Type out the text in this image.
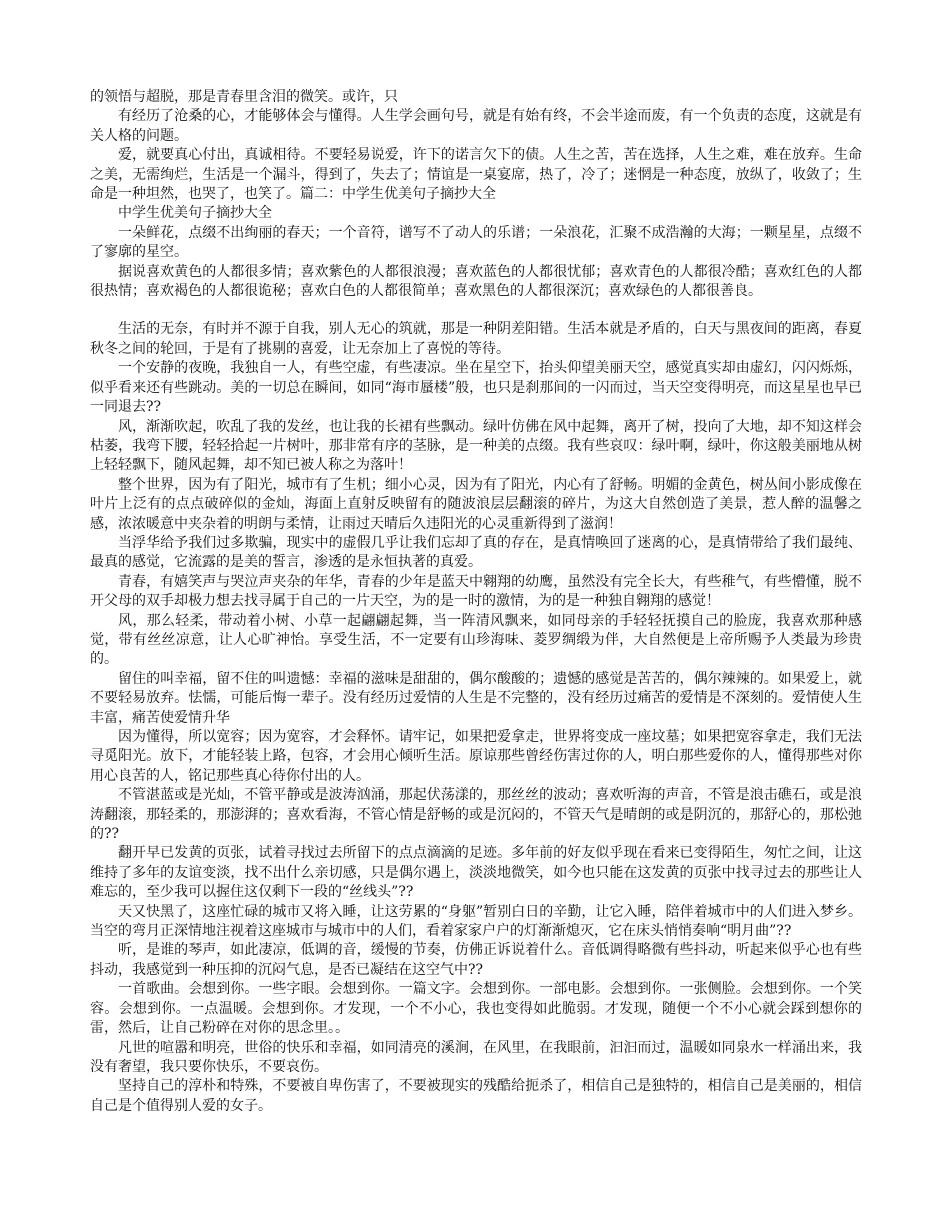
的领悟与超脱，那是青春里含泪的微笑。或许，只

有经历了沧桑的心，才能够体会与懂得。人生学会画句号，就是有始有终，不会半途而废，有一个负责的态度，这就是有关人格的问题。

爱，就要真心付出，真诚相待。不要轻易说爱，许下的诺言欠下的债。人生之苦，苦在选择，人生之难，难在放弃。生命之美，无需绚烂，生活是一个漏斗，得到了，失去了；情谊是一桌宴席，热了，冷了；迷惘是一种态度，放纵了，收敛了；生命是一种坦然，也哭了，也笑了。篇二：中学生优美句子摘抄大全

中学生优美句子摘抄大全

一朵鲜花，点缀不出绚丽的春天；一个音符，谱写不了动人的乐谱；一朵浪花，汇聚不成浩瀚的大海；一颗星星，点缀不了寥廓的星空。

据说喜欢黄色的人都很多情；喜欢紫色的人都很浪漫；喜欢蓝色的人都很忧郁；喜欢青色的人都很冷酷；喜欢红色的人都很热情；喜欢褐色的人都很诡秘；喜欢白色的人都很简单；喜欢黑色的人都很深沉；喜欢绿色的人都很善良。

生活的无奈，有时并不源于自我，别人无心的筑就，那是一种阴差阳错。生活本就是矛盾的，白天与黑夜间的距离，春夏秋冬之间的轮回，于是有了挑剔的喜爱，让无奈加上了喜悦的等待。

一个安静的夜晚，我独自一人，有些空虚，有些凄凉。坐在星空下，抬头仰望美丽天空，感觉真实却由虚幻，闪闪烁烁，似乎看来还有些跳动。美的一切总在瞬间，如同“海市蜃楼”般，也只是刹那间的一闪而过，当天空变得明亮，而这星星也早已一同退去??

风，渐渐吹起，吹乱了我的发丝，也让我的长裙有些飘动。绿叶仿佛在风中起舞，离开了树，投向了大地，却不知这样会枯萎，我弯下腰，轻轻拾起一片树叶，那非常有序的茎脉，是一种美的点缀。我有些哀叹：绿叶啊，绿叶，你这般美丽地从树上轻轻飘下，随风起舞，却不知已被人称之为落叶！

整个世界，因为有了阳光，城市有了生机；细小心灵，因为有了阳光，内心有了舒畅。明媚的金黄色，树丛间小影成像在叶片上泛有的点点破碎似的金灿，海面上直射反映留有的随波浪层层翻滚的碎片，为这大自然创造了美景，惹人醉的温馨之感，浓浓暖意中夹杂着的明朗与柔情，让雨过天晴后久违阳光的心灵重新得到了滋润！

当浮华给予我们过多欺骗，现实中的虚假几乎让我们忘却了真的存在，是真情唤回了迷离的心，是真情带给了我们最纯、最真的感觉，它流露的是美的誓言，渗透的是永恒执著的真爱。

青春，有嬉笑声与哭泣声夹杂的年华，青春的少年是蓝天中翱翔的幼鹰，虽然没有完全长大，有些稚气，有些懵懂，脱不开父母的双手却极力想去找寻属于自己的一片天空，为的是一时的激情，为的是一种独自翱翔的感觉！

风，那么轻柔，带动着小树、小草一起翩翩起舞，当一阵清风飘来，如同母亲的手轻轻抚摸自己的脸庞，我喜欢那种感觉，带有丝丝凉意，让人心旷神怡。享受生活，不一定要有山珍海味、菱罗绸缎为伴，大自然便是上帝所赐予人类最为珍贵的。

留住的叫幸福，留不住的叫遗憾：幸福的滋味是甜甜的，偶尔酸酸的；遗憾的感觉是苦苦的，偶尔辣辣的。如果爱上，就不要轻易放弃。怯懦，可能后悔一辈子。没有经历过爱情的人生是不完整的，没有经历过痛苦的爱情是不深刻的。爱情使人生丰富，痛苦使爱情升华

因为懂得，所以宽容；因为宽容，才会释怀。请牢记，如果把爱拿走，世界将变成一座坟墓；如果把宽容拿走，我们无法寻觅阳光。放下，才能轻装上路，包容，才会用心倾听生活。原谅那些曾经伤害过你的人，明白那些爱你的人，懂得那些对你用心良苦的人，铭记那些真心待你付出的人。

不管湛蓝或是光灿，不管平静或是波涛汹涌，那起伏荡漾的，那丝丝的波动；喜欢听海的声音，不管是浪击礁石，或是浪涛翻滚，那轻柔的，那澎湃的；喜欢看海，不管心情是舒畅的或是沉闷的，不管天气是晴朗的或是阴沉的，那舒心的，那松弛的??

翻开早已发黄的页张，试着寻找过去所留下的点点滴滴的足迹。多年前的好友似乎现在看来已变得陌生，匆忙之间，让这维持了多年的友谊变淡，找不出什么亲切感，只是偶尔遇上，淡淡地微笑，如今也只能在这发黄的页张中找寻过去的那些让人难忘的，至少我可以握住这仅剩下一段的“丝线头”??

天又快黑了，这座忙碌的城市又将入睡，让这劳累的“身躯”暂别白日的辛勤，让它入睡，陪伴着城市中的人们进入梦乡。当空的弯月正深情地注视着这座城市与城市中的人们，看着家家户户的灯渐渐熄灭，它在床头悄悄奏响“明月曲”??

听，是谁的琴声，如此凄凉，低调的音，缓慢的节奏，仿佛正诉说着什么。音低调得略微有些抖动，听起来似乎心也有些抖动，我感觉到一种压抑的沉闷气息，是否已凝结在这空气中??

一首歌曲。会想到你。一些字眼。会想到你。一篇文字。会想到你。一部电影。会想到你。一张侧脸。会想到你。一个笑容。会想到你。一点温暖。会想到你。才发现，一个不小心，我也变得如此脆弱。才发现，随便一个不小心就会踩到想你的雷，然后，让自己粉碎在对你的思念里。。

凡世的喧嚣和明亮，世俗的快乐和幸福，如同清亮的溪涧，在风里，在我眼前，汩汩而过，温暖如同泉水一样涌出来，我没有奢望，我只要你快乐，不要哀伤。

坚持自己的淳朴和特殊，不要被自卑伤害了，不要被现实的残酷给扼杀了，相信自己是独特的，相信自己是美丽的，相信自己是个值得别人爱的女子。
